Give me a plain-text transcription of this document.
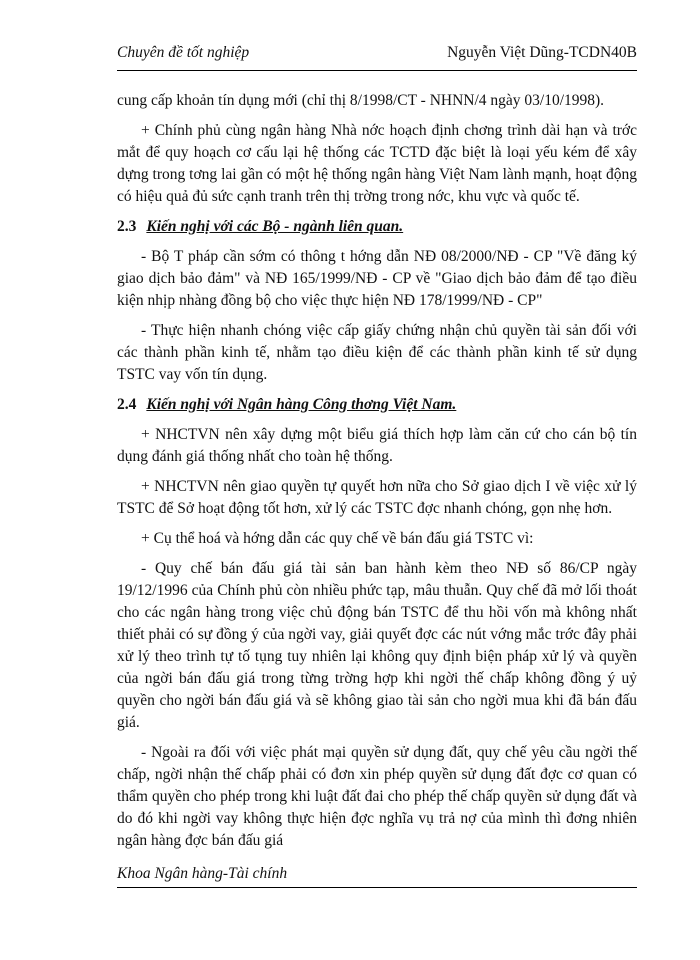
Chuyên đề tốt nghiệp	Nguyễn Việt Dũng-TCDN40B

cung cấp khoản tín dụng mới (chỉ thị 8/1998/CT - NHNN/4 ngày 03/10/1998).

+ Chính phủ cùng ngân hàng Nhà nớc hoạch định chơng trình dài hạn và trớc mắt để quy hoạch cơ cấu lại hệ thống các TCTD đặc biệt là loại yếu kém để xây dựng trong tơng lai gần có một hệ thống ngân hàng Việt Nam lành mạnh, hoạt động có hiệu quả đủ sức cạnh tranh trên thị trờng trong nớc, khu vực và quốc tế.

2.3 Kiến nghị với các Bộ - ngành liên quan.

- Bộ T pháp cần sớm có thông t hớng dẫn NĐ 08/2000/NĐ - CP "Về đăng ký giao dịch bảo đảm" và NĐ 165/1999/NĐ - CP về "Giao dịch bảo đảm để tạo điều kiện nhịp nhàng đồng bộ cho việc thực hiện NĐ 178/1999/NĐ - CP"

- Thực hiện nhanh chóng việc cấp giấy chứng nhận chủ quyền tài sản đối với các thành phần kinh tế, nhằm tạo điều kiện để các thành phần kinh tế sử dụng TSTC vay vốn tín dụng.

2.4 Kiến nghị với Ngân hàng Công thơng Việt Nam.

+ NHCTVN nên xây dựng một biểu giá thích hợp làm căn cứ cho cán bộ tín dụng đánh giá thống nhất cho toàn hệ thống.

+ NHCTVN nên giao quyền tự quyết hơn nữa cho Sở giao dịch I về việc xử lý TSTC để Sở hoạt động tốt hơn, xử lý các TSTC đợc nhanh chóng, gọn nhẹ hơn.

+ Cụ thể hoá và hớng dẫn các quy chế về bán đấu giá TSTC vì:

- Quy chế bán đấu giá tài sản ban hành kèm theo NĐ số 86/CP ngày 19/12/1996 của Chính phủ còn nhiều phức tạp, mâu thuẫn. Quy chế đã mở lối thoát cho các ngân hàng trong việc chủ động bán TSTC để thu hồi vốn mà không nhất thiết phải có sự đồng ý của ngời vay, giải quyết đợc các nút vớng mắc trớc đây phải xử lý theo trình tự tố tụng tuy nhiên lại không quy định biện pháp xử lý và quyền của ngời bán đấu giá trong từng trờng hợp khi ngời thế chấp không đồng ý uỷ quyền cho ngời bán đấu giá và sẽ không giao tài sản cho ngời mua khi đã bán đấu giá.

- Ngoài ra đối với việc phát mại quyền sử dụng đất, quy chế yêu cầu ngời thế chấp, ngời nhận thế chấp phải có đơn xin phép quyền sử dụng đất đợc cơ quan có thẩm quyền cho phép trong khi luật đất đai cho phép thế chấp quyền sử dụng đất và do đó khi ngời vay không thực hiện đợc nghĩa vụ trả nợ của mình thì đơng nhiên ngân hàng đợc bán đấu giá

Khoa Ngân hàng-Tài chính
